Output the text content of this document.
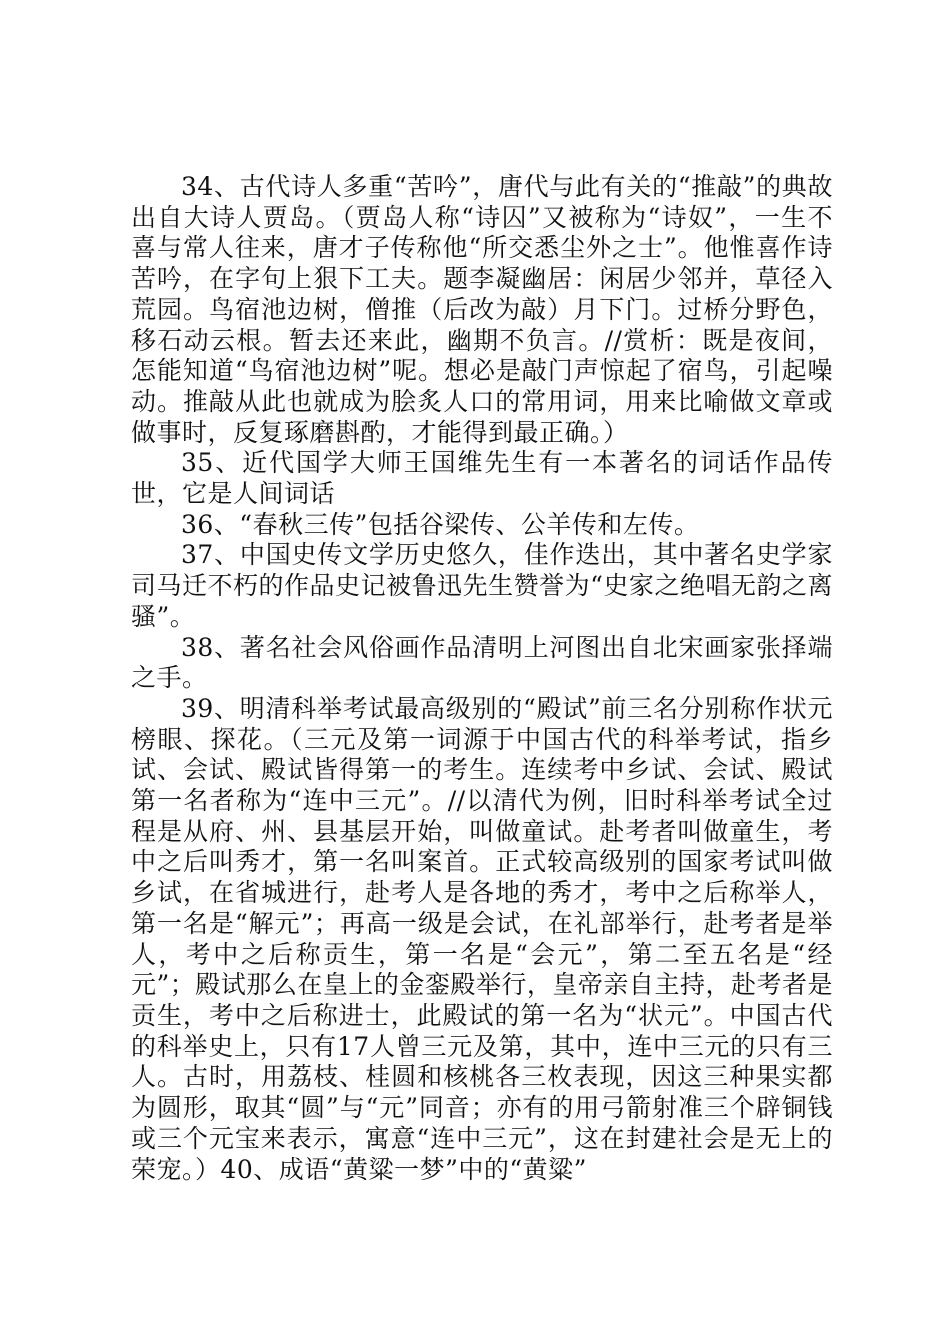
34、古代诗人多重“苦吟”，唐代与此有关的“推敲”的典故出自大诗人贾岛。（贾岛人称“诗囚”又被称为“诗奴”，一生不喜与常人往来，唐才子传称他“所交悉尘外之士”。他惟喜作诗苦吟，在字句上狠下工夫。题李凝幽居：闲居少邻并，草径入荒园。鸟宿池边树，僧推（后改为敲）月下门。过桥分野色，移石动云根。暂去还来此，幽期不负言。//赏析：既是夜间，怎能知道“鸟宿池边树”呢。想必是敲门声惊起了宿鸟，引起噪动。推敲从此也就成为脍炙人口的常用词，用来比喻做文章或做事时，反复琢磨斟酌，才能得到最正确。）

35、近代国学大师王国维先生有一本著名的词话作品传世，它是人间词话

36、“春秋三传”包括谷梁传、公羊传和左传。

37、中国史传文学历史悠久，佳作迭出，其中著名史学家司马迁不朽的作品史记被鲁迅先生赞誉为“史家之绝唱无韵之离骚”。

38、著名社会风俗画作品清明上河图出自北宋画家张择端之手。

39、明清科举考试最高级别的“殿试”前三名分别称作状元榜眼、探花。（三元及第一词源于中国古代的科举考试，指乡试、会试、殿试皆得第一的考生。连续考中乡试、会试、殿试第一名者称为“连中三元”。//以清代为例，旧时科举考试全过程是从府、州、县基层开始，叫做童试。赴考者叫做童生，考中之后叫秀才，第一名叫案首。正式较高级别的国家考试叫做乡试，在省城进行，赴考人是各地的秀才，考中之后称举人，第一名是“解元”；再高一级是会试，在礼部举行，赴考者是举人，考中之后称贡生，第一名是“会元”，第二至五名是“经元”；殿试那么在皇上的金銮殿举行，皇帝亲自主持，赴考者是贡生，考中之后称进士，此殿试的第一名为“状元”。中国古代的科举史上，只有17人曾三元及第，其中，连中三元的只有三人。古时，用荔枝、桂圆和核桃各三枚表现，因这三种果实都为圆形，取其“圆”与“元”同音；亦有的用弓箭射准三个辟铜钱或三个元宝来表示，寓意“连中三元”，这在封建社会是无上的荣宠。）40、成语“黄粱一梦”中的“黄粱”
